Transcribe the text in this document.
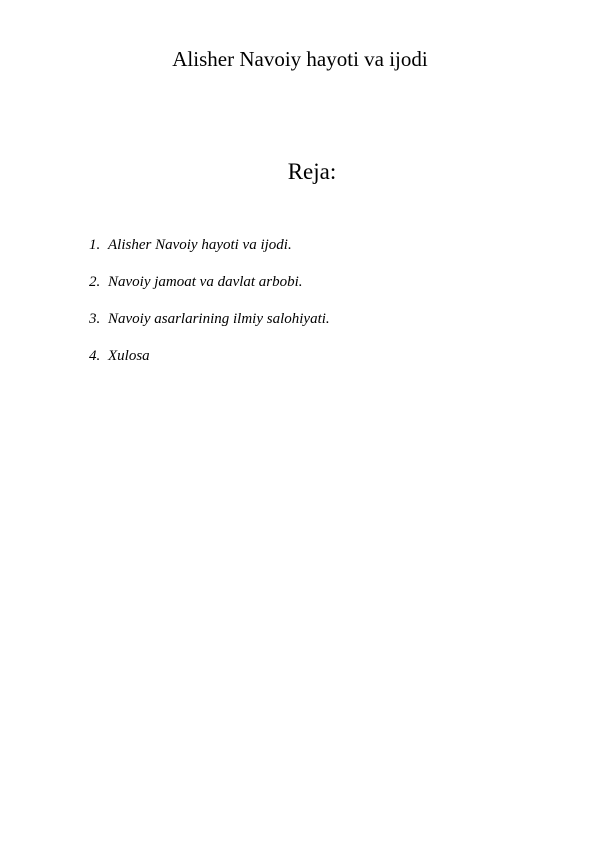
Alisher Navoiy hayoti va ijodi
Reja:
1. Alisher Navoiy hayoti va ijodi.
2. Navoiy jamoat va davlat arbobi.
3. Navoiy asarlarining ilmiy salohiyati.
4. Xulosa
